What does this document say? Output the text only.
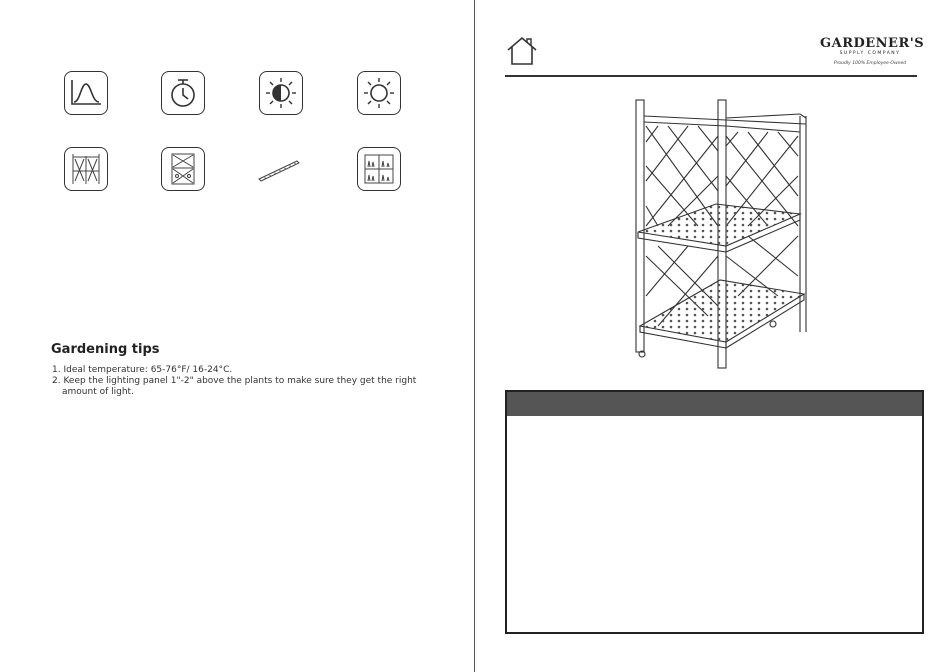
Gardening tips

1. Ideal temperature: 65-76°F/ 16-24°C.

2. Keep the lighting panel 1"-2" above the plants to make sure they get the right amount of light.

GARDENER'S
SUPPLY COMPANY
Proudly 100% Employee-Owned
